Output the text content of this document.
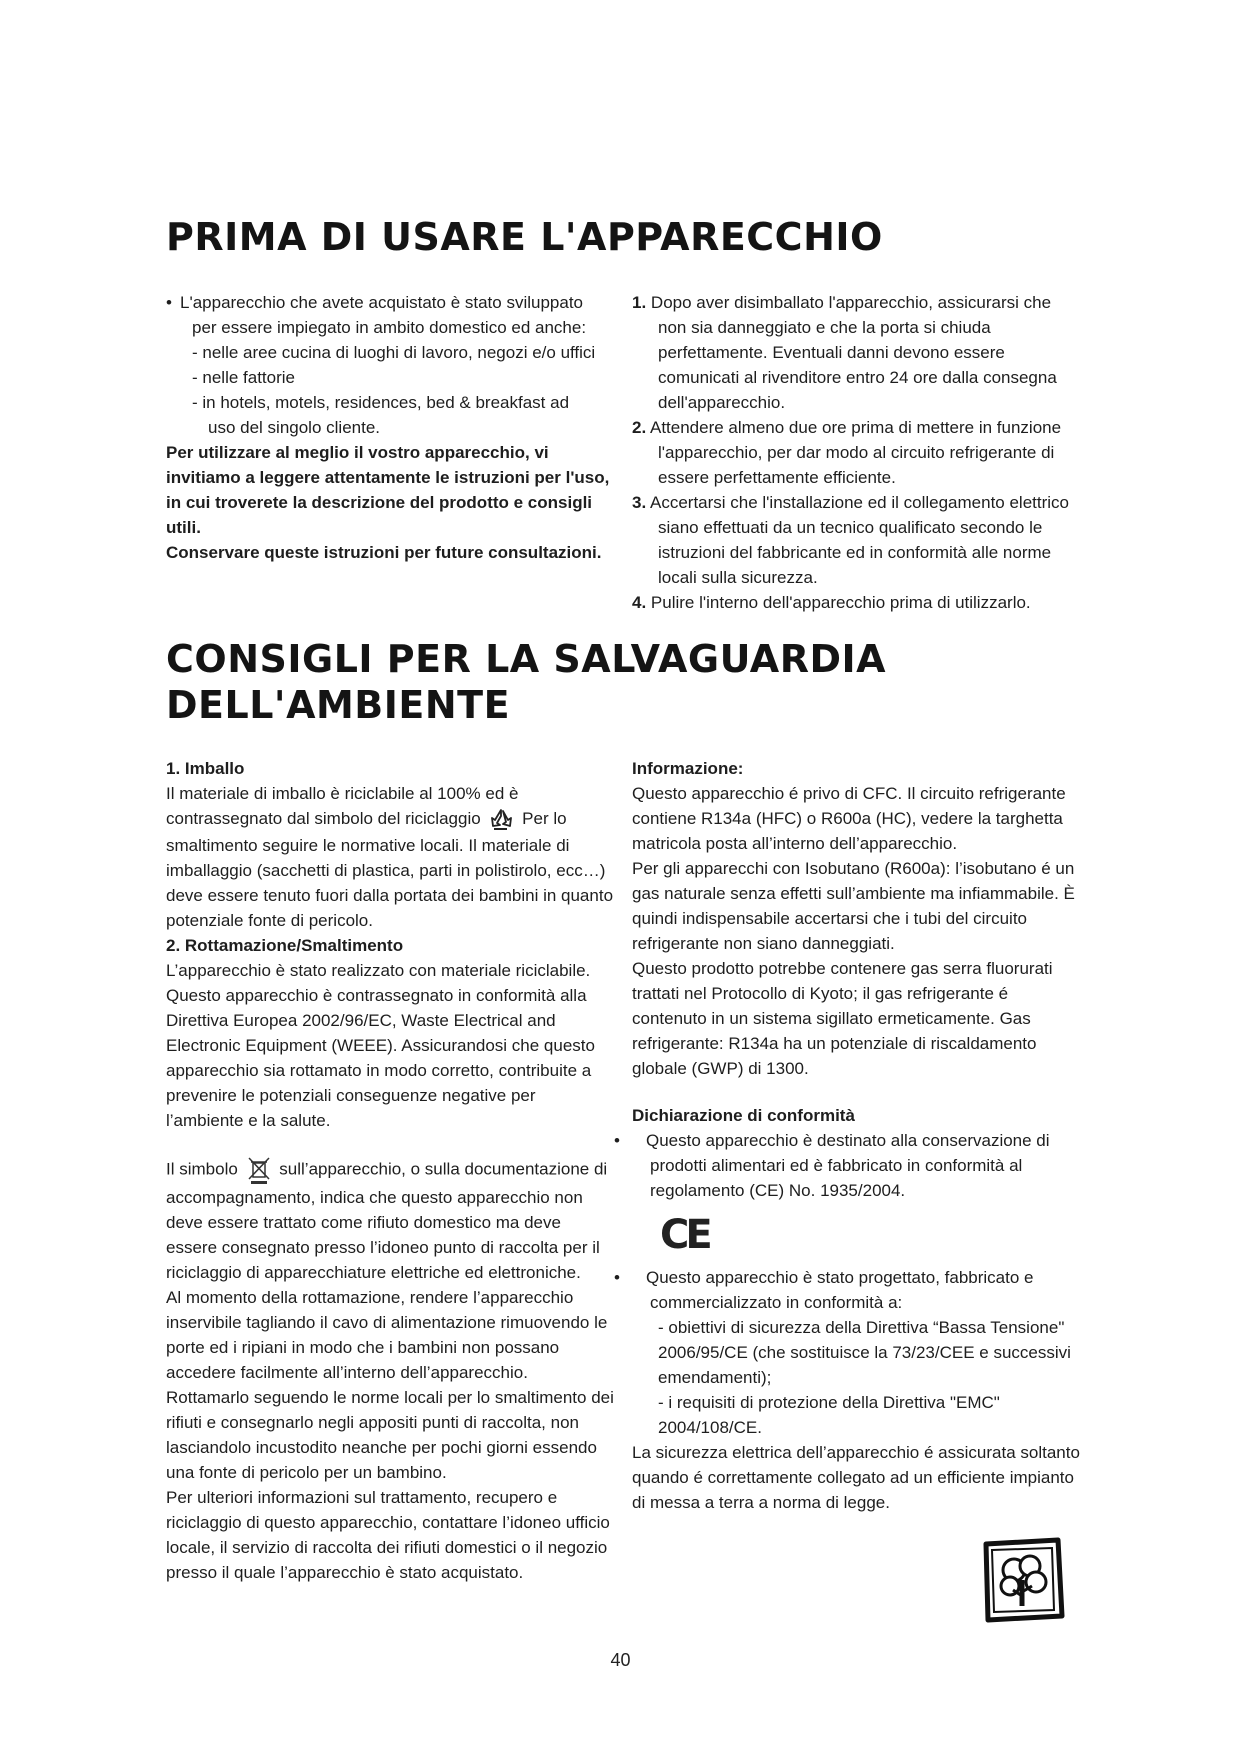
PRIMA DI USARE L'APPARECCHIO

• L'apparecchio che avete acquistato è stato sviluppato

per essere impiegato in ambito domestico ed anche:

- nelle aree cucina di luoghi di lavoro, negozi e/o uffici

- nelle fattorie

- in hotels, motels, residences, bed & breakfast ad

uso del singolo cliente.

Per utilizzare al meglio il vostro apparecchio, vi invitiamo a leggere attentamente le istruzioni per l'uso, in cui troverete la descrizione del prodotto e consigli utili.

Conservare queste istruzioni per future consultazioni.

1. Dopo aver disimballato l'apparecchio, assicurarsi che non sia danneggiato e che la porta si chiuda perfettamente. Eventuali danni devono essere comunicati al rivenditore entro 24 ore dalla consegna dell'apparecchio.

2. Attendere almeno due ore prima di mettere in funzione l'apparecchio, per dar modo al circuito refrigerante di essere perfettamente efficiente.

3. Accertarsi che l'installazione ed il collegamento elettrico siano effettuati da un tecnico qualificato secondo le istruzioni del fabbricante ed in conformità alle norme locali sulla sicurezza.

4. Pulire l'interno dell'apparecchio prima di utilizzarlo.

CONSIGLI PER LA SALVAGUARDIA DELL'AMBIENTE

1. Imballo

Il materiale di imballo è riciclabile al 100% ed è contrassegnato dal simbolo del riciclaggio Per lo smaltimento seguire le normative locali. Il materiale di imballaggio (sacchetti di plastica, parti in polistirolo, ecc…) deve essere tenuto fuori dalla portata dei bambini in quanto potenziale fonte di pericolo.

2. Rottamazione/Smaltimento

L’apparecchio è stato realizzato con materiale riciclabile. Questo apparecchio è contrassegnato in conformità alla Direttiva Europea 2002/96/EC, Waste Electrical and Electronic Equipment (WEEE). Assicurandosi che questo apparecchio sia rottamato in modo corretto, contribuite a prevenire le potenziali conseguenze negative per l’ambiente e la salute.

Il simbolo sull’apparecchio, o sulla documentazione di accompagnamento, indica che questo apparecchio non deve essere trattato come rifiuto domestico ma deve essere consegnato presso l’idoneo punto di raccolta per il riciclaggio di apparecchiature elettriche ed elettroniche.

Al momento della rottamazione, rendere l’apparecchio inservibile tagliando il cavo di alimentazione rimuovendo le porte ed i ripiani in modo che i bambini non possano accedere facilmente all’interno dell’apparecchio.

Rottamarlo seguendo le norme locali per lo smaltimento dei rifiuti e consegnarlo negli appositi punti di raccolta, non lasciandolo incustodito neanche per pochi giorni essendo una fonte di pericolo per un bambino.

Per ulteriori informazioni sul trattamento, recupero e riciclaggio di questo apparecchio, contattare l’idoneo ufficio locale, il servizio di raccolta dei rifiuti domestici o il negozio presso il quale l’apparecchio è stato acquistato.

Informazione:

Questo apparecchio é privo di CFC. Il circuito refrigerante contiene R134a (HFC) o R600a (HC), vedere la targhetta matricola posta all’interno dell’apparecchio.

Per gli apparecchi con Isobutano (R600a): l’isobutano é un gas naturale senza effetti sull’ambiente ma infiammabile. È quindi indispensabile accertarsi che i tubi del circuito refrigerante non siano danneggiati.

Questo prodotto potrebbe contenere gas serra fluorurati trattati nel Protocollo di Kyoto; il gas refrigerante é contenuto in un sistema sigillato ermeticamente. Gas refrigerante: R134a ha un potenziale di riscaldamento globale (GWP) di 1300.

Dichiarazione di conformità

• Questo apparecchio è destinato alla conservazione di prodotti alimentari ed è fabbricato in conformità al regolamento (CE) No. 1935/2004.

CE

• Questo apparecchio è stato progettato, fabbricato e commercializzato in conformità a:

- obiettivi di sicurezza della Direttiva “Bassa Tensione" 2006/95/CE (che sostituisce la 73/23/CEE e successivi emendamenti);

- i requisiti di protezione della Direttiva "EMC" 2004/108/CE.

La sicurezza elettrica dell’apparecchio é assicurata soltanto quando é correttamente collegato ad un efficiente impianto di messa a terra a norma di legge.

40
